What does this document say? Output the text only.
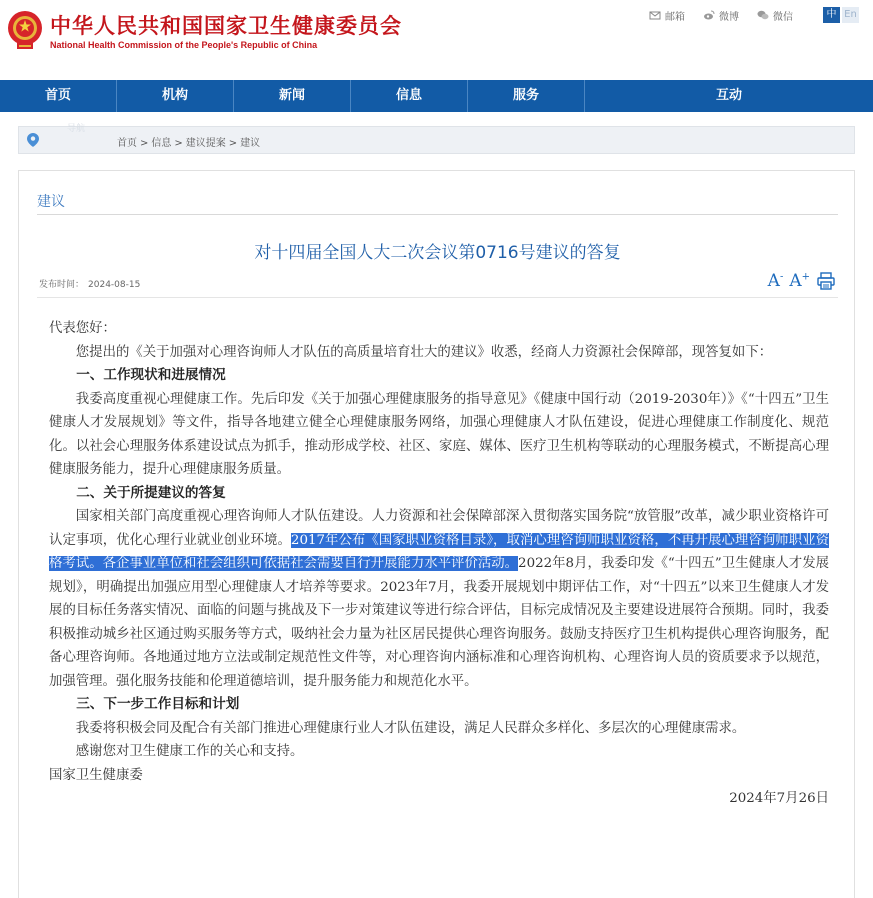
中华人民共和国国家卫生健康委员会
National Health Commission of the People's Republic of China
邮箱	微博	微信	中 En
首页	机构	新闻	信息	服务	互动
导航
首页 > 信息 > 建议提案 > 建议
建议
对十四届全国人大二次会议第0716号建议的答复
发布时间： 2024-08-15	A- A+

代表您好：

您提出的《关于加强对心理咨询师人才队伍的高质量培育壮大的建议》收悉，经商人力资源社会保障部，现答复如下：

一、工作现状和进展情况

我委高度重视心理健康工作。先后印发《关于加强心理健康服务的指导意见》《健康中国行动（2019-2030年）》《“十四五”卫生健康人才发展规划》等文件，指导各地建立健全心理健康服务网络，加强心理健康人才队伍建设，促进心理健康工作制度化、规范化。以社会心理服务体系建设试点为抓手，推动形成学校、社区、家庭、媒体、医疗卫生机构等联动的心理服务模式，不断提高心理健康服务能力，提升心理健康服务质量。

二、关于所提建议的答复

国家相关部门高度重视心理咨询师人才队伍建设。人力资源和社会保障部深入贯彻落实国务院“放管服”改革，减少职业资格许可认定事项，优化心理行业就业创业环境。2017年公布《国家职业资格目录》，取消心理咨询师职业资格，不再开展心理咨询师职业资格考试。各企事业单位和社会组织可依据社会需要自行开展能力水平评价活动。2022年8月，我委印发《“十四五”卫生健康人才发展规划》，明确提出加强应用型心理健康人才培养等要求。2023年7月，我委开展规划中期评估工作，对“十四五”以来卫生健康人才发展的目标任务落实情况、面临的问题与挑战及下一步对策建议等进行综合评估，目标完成情况及主要建设进展符合预期。同时，我委积极推动城乡社区通过购买服务等方式，吸纳社会力量为社区居民提供心理咨询服务。鼓励支持医疗卫生机构提供心理咨询服务，配备心理咨询师。各地通过地方立法或制定规范性文件等，对心理咨询内涵标准和心理咨询机构、心理咨询人员的资质要求予以规范，加强管理。强化服务技能和伦理道德培训，提升服务能力和规范化水平。

三、下一步工作目标和计划

我委将积极会同及配合有关部门推进心理健康行业人才队伍建设，满足人民群众多样化、多层次的心理健康需求。

感谢您对卫生健康工作的关心和支持。

国家卫生健康委

2024年7月26日
